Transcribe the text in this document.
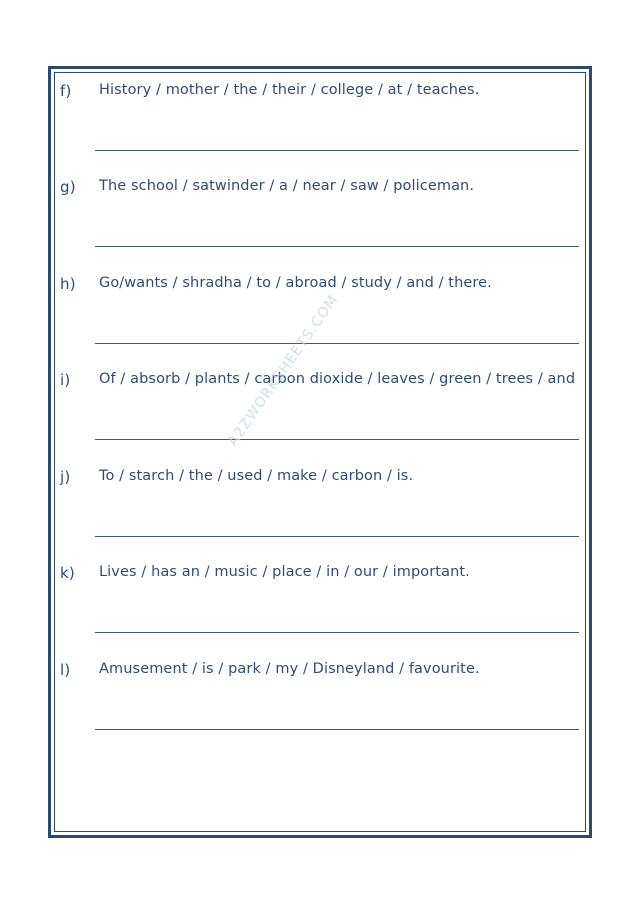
f) History / mother / the / their / college / at / teaches.
g) The school / satwinder / a / near / saw / policeman.
h) Go/wants / shradha / to / abroad / study / and / there.
i) Of / absorb / plants / carbon dioxide / leaves / green / trees / and
j) To / starch / the / used / make / carbon / is.
k) Lives / has an / music / place / in / our / important.
l) Amusement / is / park / my / Disneyland / favourite.
A2ZWORKSHEETS.COM
